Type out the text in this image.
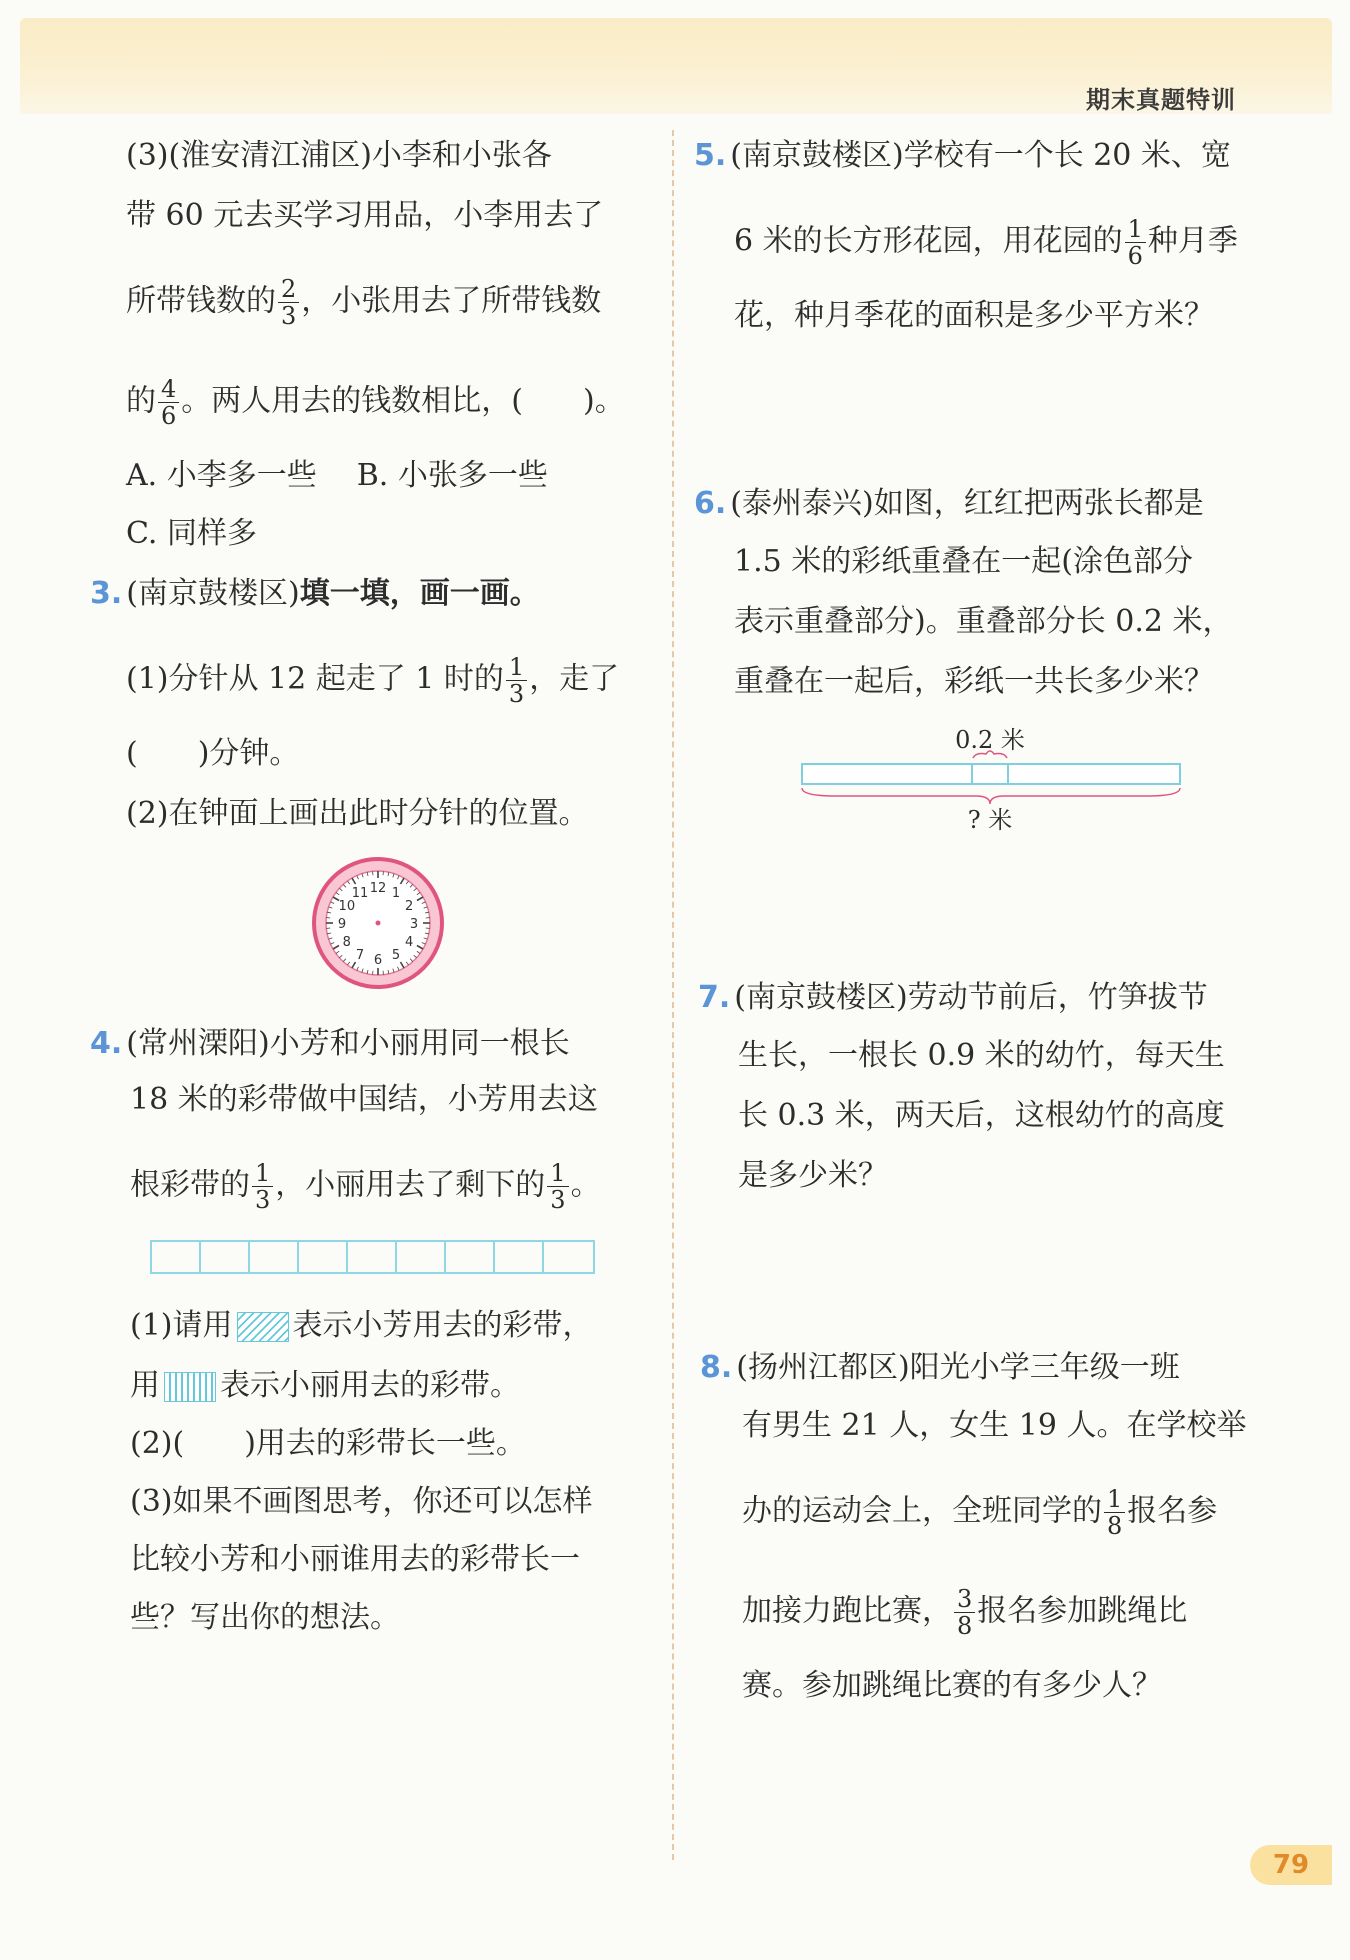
期末真题特训
(3)(淮安清江浦区)小李和小张各
带 60 元去买学习用品，小李用去了
所带钱数的 $\frac{2}{3}$ ，小张用去了所带钱数
的 $\frac{4}{6}$ 。两人用去的钱数相比，(　　)。
A. 小李多一些 B. 小张多一些
C. 同样多
3. (南京鼓楼区)填一填，画一画。
(1)分针从 12 起走了 1 时的 $\frac{1}{3}$ ，走了
(　　)分钟。
(2)在钟面上画出此时分针的位置。
12 1
2
3
4
5
6
7
8
9
10
11
4. (常州溧阳)小芳和小丽用同一根长
18 米的彩带做中国结，小芳用去这
根彩带的 $\frac{1}{3}$ ，小丽用去了剩下的 $\frac{1}{3}$ 。
(1)请用 表示小芳用去的彩带，
用 表示小丽用去的彩带。
(2)(　　)用去的彩带长一些。
(3)如果不画图思考，你还可以怎样
比较小芳和小丽谁用去的彩带长一
些？写出你的想法。
5. (南京鼓楼区)学校有一个长 20 米、宽
6 米的长方形花园，用花园的 $\frac{1}{6}$ 种月季
花，种月季花的面积是多少平方米？
6. (泰州泰兴)如图，红红把两张长都是
1.5 米的彩纸重叠在一起(涂色部分
表示重叠部分)。重叠部分长 0.2 米，
重叠在一起后，彩纸一共长多少米？
0.2 米
? 米
7. (南京鼓楼区)劳动节前后，竹笋拔节
生长，一根长 0.9 米的幼竹，每天生
长 0.3 米，两天后，这根幼竹的高度
是多少米？
8. (扬州江都区)阳光小学三年级一班
有男生 21 人，女生 19 人。在学校举
办的运动会上，全班同学的 $\frac{1}{8}$ 报名参
加接力跑比赛， $\frac{3}{8}$ 报名参加跳绳比
赛。参加跳绳比赛的有多少人？
79
